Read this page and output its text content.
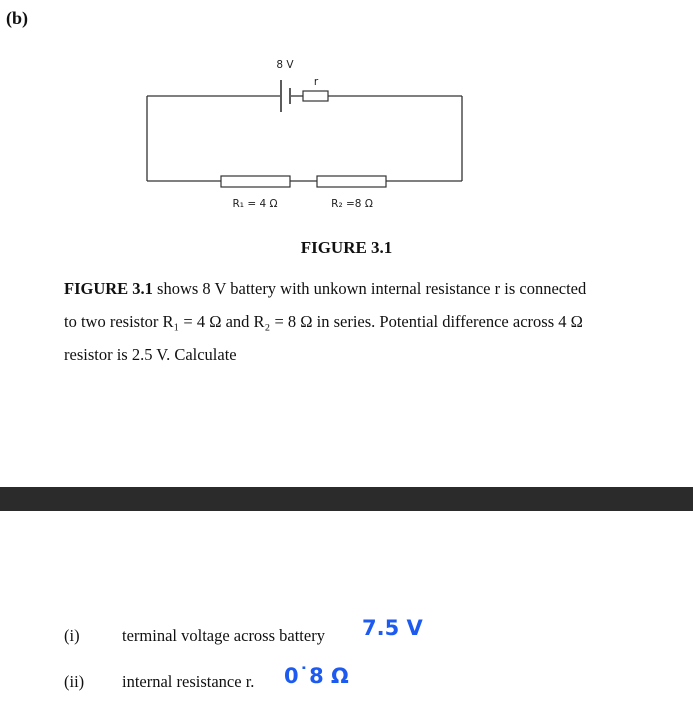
(b)
8 V
r
R₁ = 4 Ω	R₂ =8 Ω
FIGURE 3.1
FIGURE 3.1 shows 8 V battery with unkown internal resistance r is connected
to two resistor R₁ = 4 Ω and R₂ = 8 Ω in series. Potential difference across 4 Ω
resistor is 2.5 V. Calculate
(i)	terminal voltage across battery 7.5 V
(ii) internal resistance r. 0˙8 Ω
